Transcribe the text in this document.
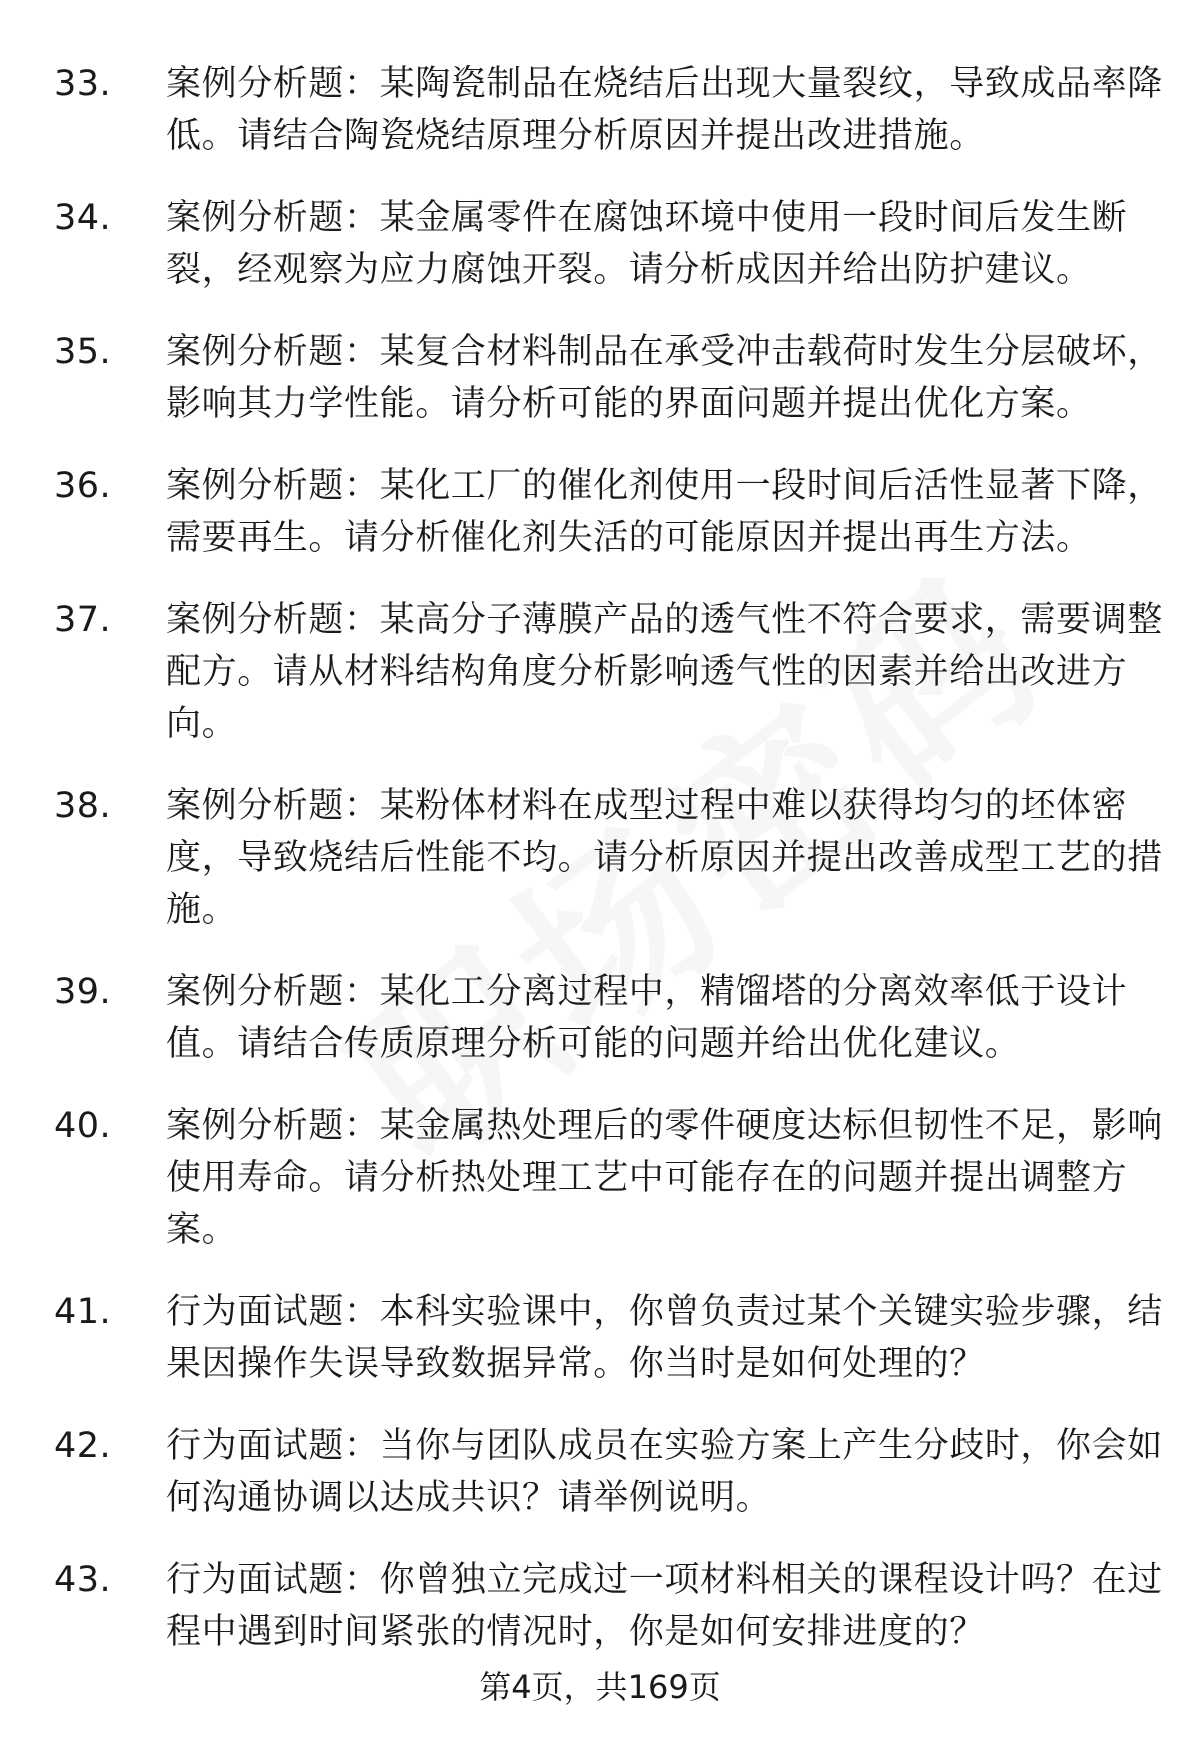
33.	案例分析题：某陶瓷制品在烧结后出现大量裂纹，导致成品率降低。请结合陶瓷烧结原理分析原因并提出改进措施。
34.	案例分析题：某金属零件在腐蚀环境中使用一段时间后发生断裂，经观察为应力腐蚀开裂。请分析成因并给出防护建议。
35.	案例分析题：某复合材料制品在承受冲击载荷时发生分层破坏，影响其力学性能。请分析可能的界面问题并提出优化方案。
36.	案例分析题：某化工厂的催化剂使用一段时间后活性显著下降，需要再生。请分析催化剂失活的可能原因并提出再生方法。
37.	案例分析题：某高分子薄膜产品的透气性不符合要求，需要调整配方。请从材料结构角度分析影响透气性的因素并给出改进方向。
38.	案例分析题：某粉体材料在成型过程中难以获得均匀的坯体密度，导致烧结后性能不均。请分析原因并提出改善成型工艺的措施。
39.	案例分析题：某化工分离过程中，精馏塔的分离效率低于设计值。请结合传质原理分析可能的问题并给出优化建议。
40.	案例分析题：某金属热处理后的零件硬度达标但韧性不足，影响使用寿命。请分析热处理工艺中可能存在的问题并提出调整方案。
41.	行为面试题：本科实验课中，你曾负责过某个关键实验步骤，结果因操作失误导致数据异常。你当时是如何处理的？
42.	行为面试题：当你与团队成员在实验方案上产生分歧时，你会如何沟通协调以达成共识？请举例说明。
43.	行为面试题：你曾独立完成过一项材料相关的课程设计吗？在过程中遇到时间紧张的情况时，你是如何安排进度的？
第4页，共169页
